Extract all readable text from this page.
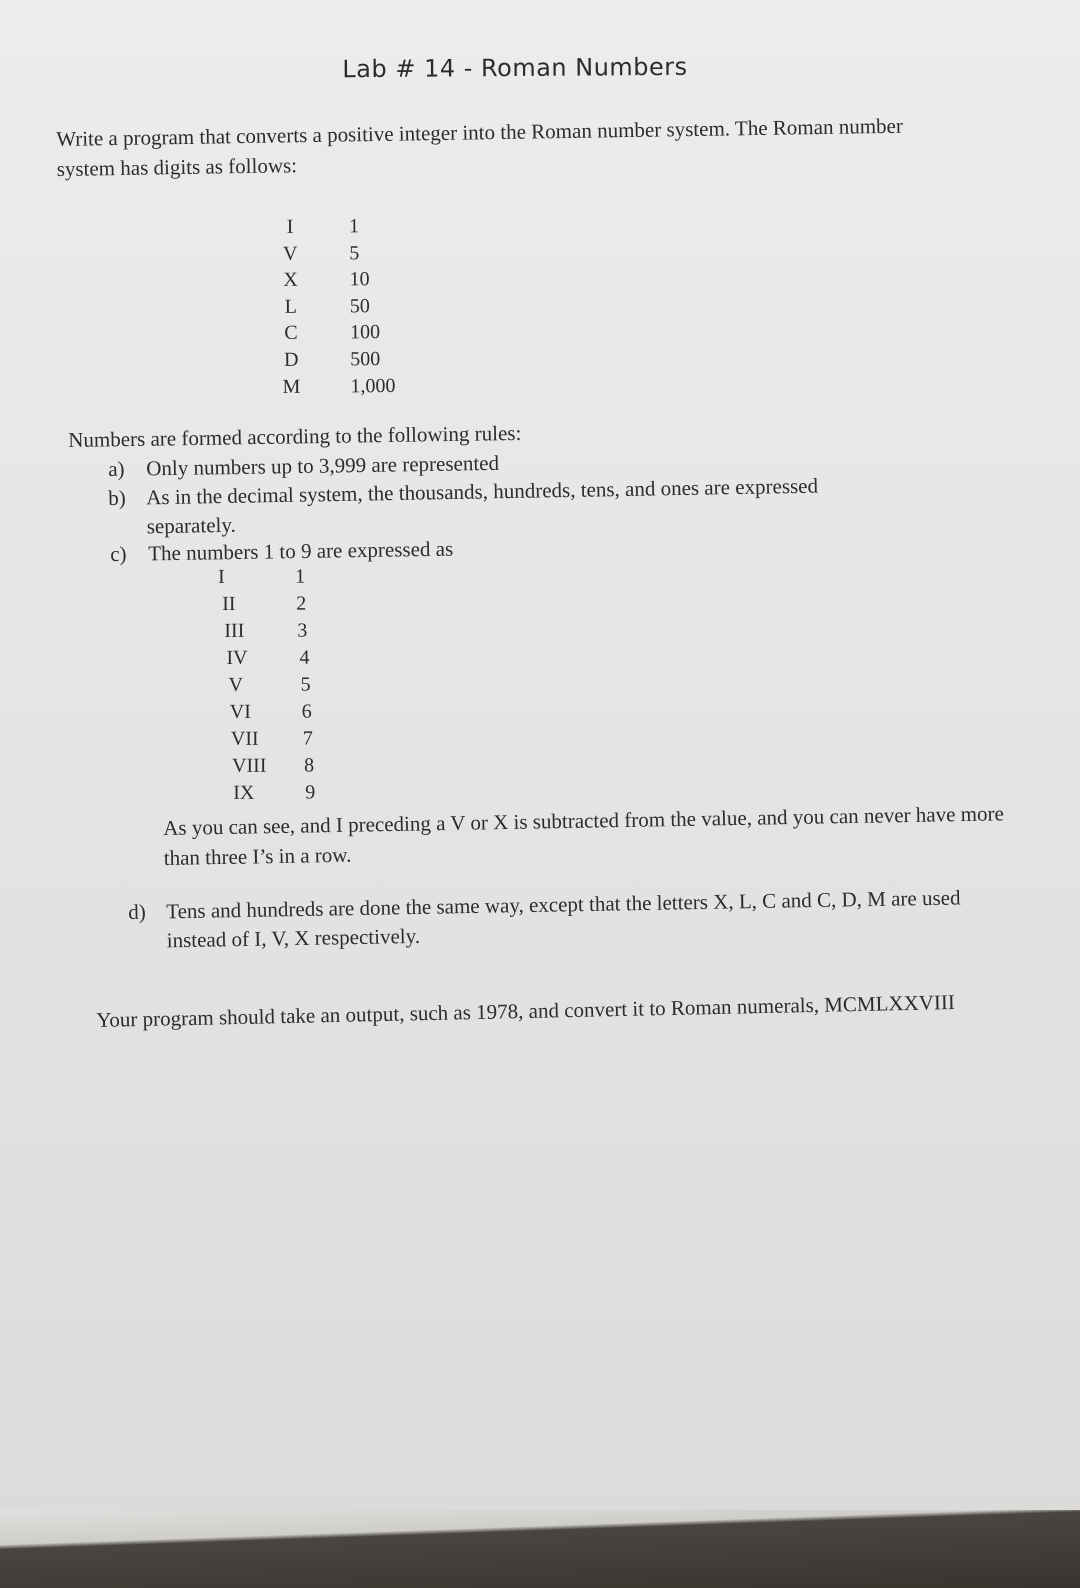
Lab # 14 - Roman Numbers
Write a program that converts a positive integer into the Roman number system. The Roman number system has digits as follows:
I	1
V	5
X	10
L	50
C	100
D	500
M	1,000
Numbers are formed according to the following rules:
a) Only numbers up to 3,999 are represented
b) As in the decimal system, the thousands, hundreds, tens, and ones are expressed separately.
c) The numbers 1 to 9 are expressed as
I	1
II	2
III	3
IV	4
V	5
VI	6
VII	7
VIII	8
IX	9
As you can see, and I preceding a V or X is subtracted from the value, and you can never have more than three I’s in a row.
d) Tens and hundreds are done the same way, except that the letters X, L, C and C, D, M are used instead of I, V, X respectively.
Your program should take an output, such as 1978, and convert it to Roman numerals, MCMLXXVIII
